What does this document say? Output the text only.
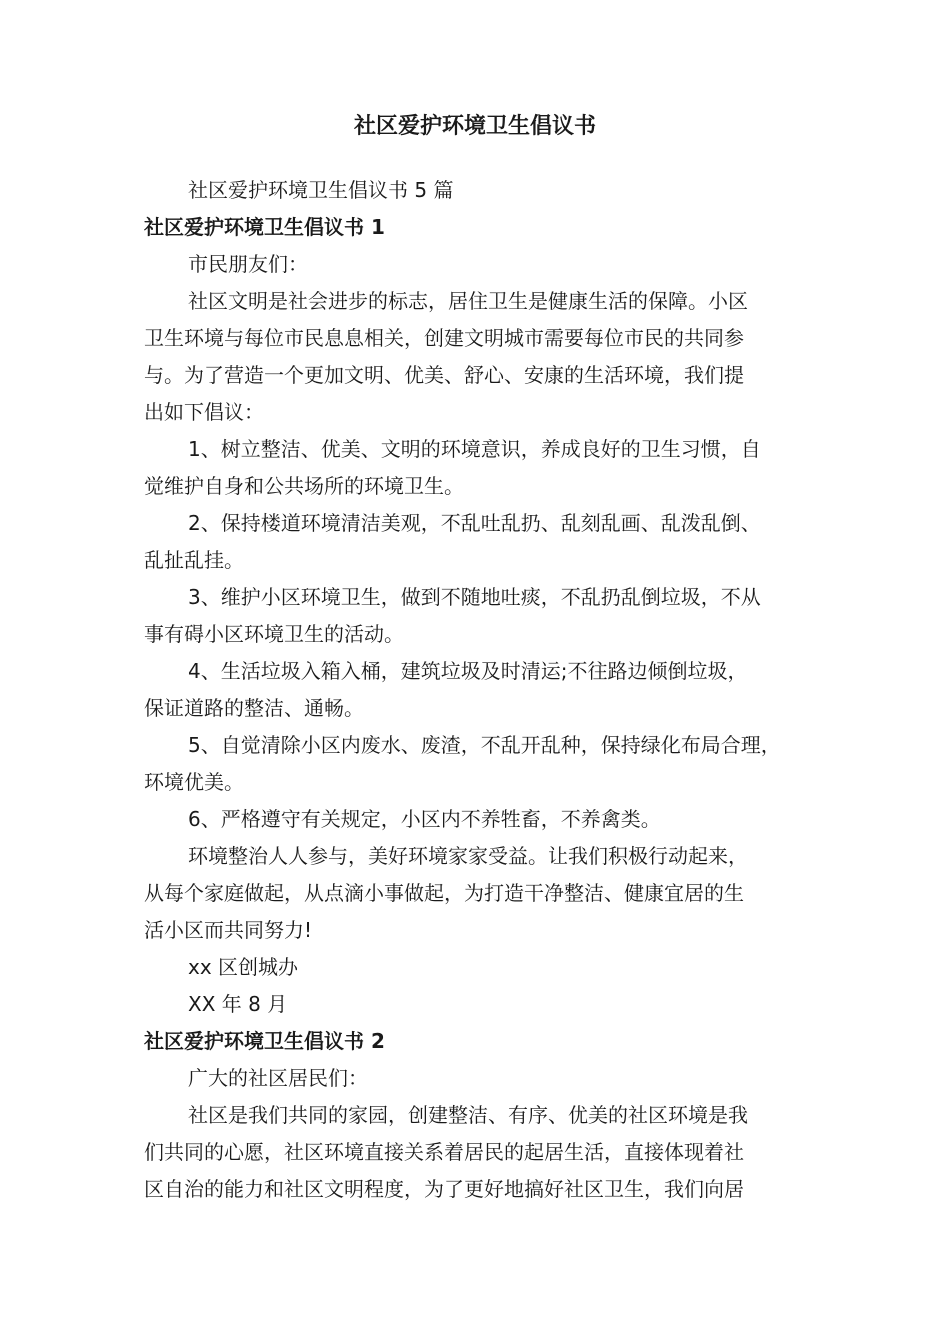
社区爱护环境卫生倡议书
社区爱护环境卫生倡议书 5 篇
社区爱护环境卫生倡议书 1
市民朋友们：
社区文明是社会进步的标志，居住卫生是健康生活的保障。小区
卫生环境与每位市民息息相关，创建文明城市需要每位市民的共同参
与。为了营造一个更加文明、优美、舒心、安康的生活环境，我们提
出如下倡议：
1、树立整洁、优美、文明的环境意识，养成良好的卫生习惯，自
觉维护自身和公共场所的环境卫生。
2、保持楼道环境清洁美观，不乱吐乱扔、乱刻乱画、乱泼乱倒、
乱扯乱挂。
3、维护小区环境卫生，做到不随地吐痰，不乱扔乱倒垃圾，不从
事有碍小区环境卫生的活动。
4、生活垃圾入箱入桶，建筑垃圾及时清运;不往路边倾倒垃圾，
保证道路的整洁、通畅。
5、自觉清除小区内废水、废渣，不乱开乱种，保持绿化布局合理，
环境优美。
6、严格遵守有关规定，小区内不养牲畜，不养禽类。
环境整治人人参与，美好环境家家受益。让我们积极行动起来，
从每个家庭做起，从点滴小事做起，为打造干净整洁、健康宜居的生
活小区而共同努力!
xx 区创城办
XX 年 8 月
社区爱护环境卫生倡议书 2
广大的社区居民们：
社区是我们共同的家园，创建整洁、有序、优美的社区环境是我
们共同的心愿，社区环境直接关系着居民的起居生活，直接体现着社
区自治的能力和社区文明程度，为了更好地搞好社区卫生，我们向居
